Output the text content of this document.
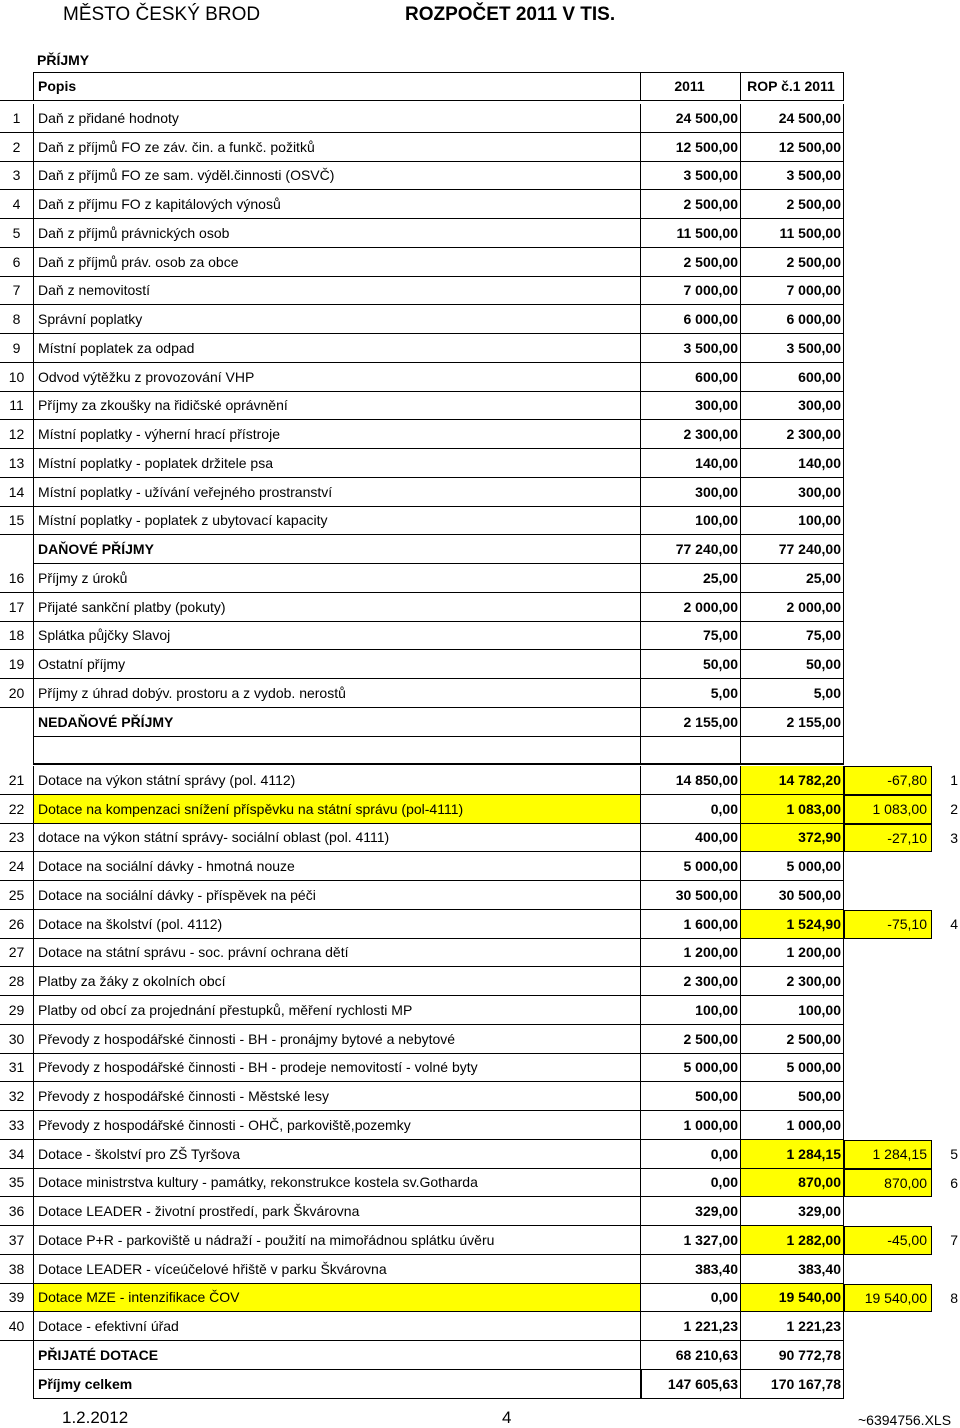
MĚSTO ČESKÝ BROD	ROZPOČET 2011 V TIS.
PŘÍJMY
Popis	2011	ROP č.1 2011
1	Daň z přidané hodnoty	24 500,00	24 500,00
2	Daň z příjmů FO ze záv. čin. a funkč. požitků	12 500,00	12 500,00
3	Daň z příjmů FO ze sam. výděl.činnosti (OSVČ)	3 500,00	3 500,00
4	Daň z příjmu FO z kapitálových výnosů	2 500,00	2 500,00
5	Daň z příjmů právnických osob	11 500,00	11 500,00
6	Daň z příjmů práv. osob za obce	2 500,00	2 500,00
7	Daň z nemovitostí	7 000,00	7 000,00
8	Správní poplatky	6 000,00	6 000,00
9	Místní poplatek za odpad	3 500,00	3 500,00
10 Odvod výtěžku z provozování VHP	600,00	600,00
11	Příjmy za zkoušky na řidičské oprávnění	300,00	300,00
12 Místní poplatky - výherní hrací přístroje	2 300,00	2 300,00
13 Místní poplatky - poplatek držitele psa	140,00	140,00
14 Místní poplatky - užívání veřejného prostranství	300,00	300,00
15 Místní poplatky - poplatek z ubytovací kapacity	100,00	100,00
DAŇOVÉ PŘÍJMY	77 240,00	77 240,00
16 Příjmy z úroků	25,00	25,00
17 Přijaté sankční platby (pokuty)	2 000,00	2 000,00
18 Splátka půjčky Slavoj	75,00	75,00
19 Ostatní příjmy	50,00	50,00
20 Příjmy z úhrad dobýv. prostoru a z vydob. nerostů	5,00	5,00
NEDAŇOVÉ PŘÍJMY	2 155,00	2 155,00
21 Dotace na výkon státní správy (pol. 4112)	14 850,00	14 782,20	-67,80	1
22 Dotace na kompenzaci snížení příspěvku na státní správu (pol-4111)	0,00	1 083,00	1 083,00	2
23 dotace na výkon státní správy- sociální oblast (pol. 4111)	400,00	372,90	-27,10	3
24 Dotace na sociální dávky - hmotná nouze	5 000,00	5 000,00
25 Dotace na sociální dávky - příspěvek na péči	30 500,00	30 500,00
26 Dotace na školství (pol. 4112)	1 600,00	1 524,90	-75,10	4
27 Dotace na státní správu - soc. právní ochrana dětí	1 200,00	1 200,00
28 Platby za žáky z okolních obcí	2 300,00	2 300,00
29 Platby od obcí za projednání přestupků, měření rychlosti MP	100,00	100,00
30 Převody z hospodářské činnosti - BH - pronájmy bytové a nebytové	2 500,00	2 500,00
31 Převody z hospodářské činnosti - BH - prodeje nemovitostí - volné byty	5 000,00	5 000,00
32 Převody z hospodářské činnosti - Městské lesy	500,00	500,00
33 Převody z hospodářské činnosti - OHČ, parkoviště,pozemky	1 000,00	1 000,00
34 Dotace - školství pro ZŠ Tyršova	0,00	1 284,15	1 284,15	5
35 Dotace ministrstva kultury - památky, rekonstrukce kostela sv.Gotharda	0,00	870,00	870,00	6
36 Dotace LEADER - životní prostředí, park Škvárovna	329,00	329,00
37 Dotace P+R - parkoviště u nádraží - použití na mimořádnou splátku úvěru	1 327,00	1 282,00	-45,00	7
38 Dotace LEADER - víceúčelové hřiště v parku Škvárovna	383,40	383,40
39 Dotace MZE - intenzifikace ČOV	0,00	19 540,00	19 540,00	8
40 Dotace - efektivní úřad	1 221,23	1 221,23
PŘIJATÉ DOTACE	68 210,63	90 772,78
Příjmy celkem	147 605,63	170 167,78
1.2.2012	4	~6394756.XLS
